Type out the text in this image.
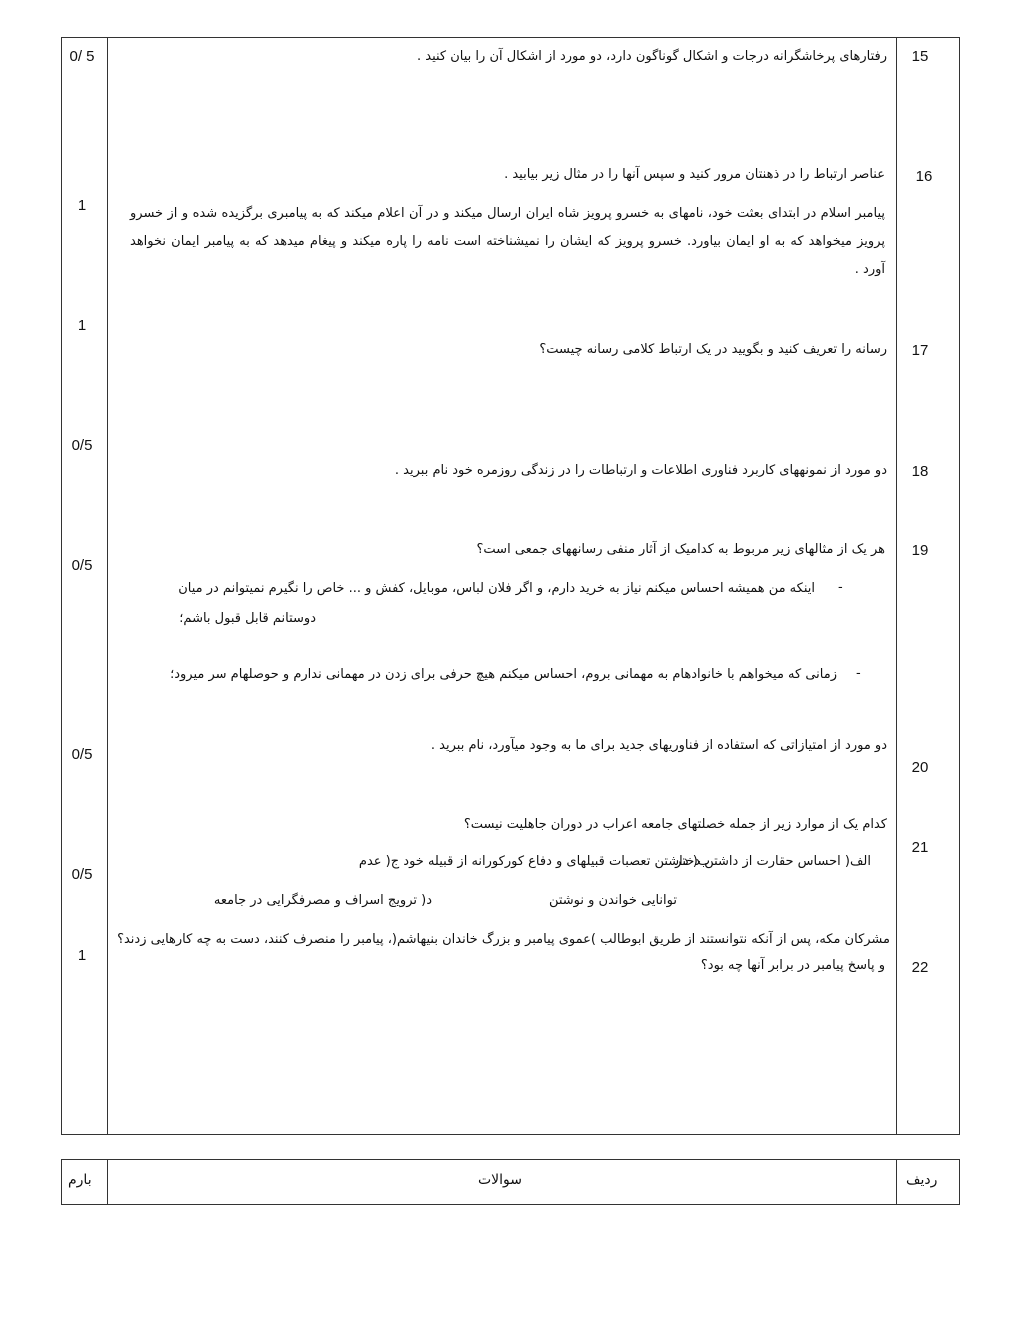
15
0/ 5	رفتارهای پرخاشگرانه درجات و اشکال گوناگون دارد، دو مورد از اشکال آن را بیان کنید .
16
1
عناصر ارتباط را در ذهنتان مرور کنید و سپس آنها را در مثال زیر بیابید .
پیامبر اسلام در ابتدای بعثت خود، نامهای به خسرو پرویز شاه ایران ارسال میکند و در آن اعلام میکند که به پیامبری برگزیده شده و از خسرو پرویز میخواهد که به او ایمان بیاورد. خسرو پرویز که ایشان را نمیشناخته است نامه را پاره میکند و پیغام میدهد که به پیامبر ایمان نخواهد آورد .
1
17
رسانه را تعریف کنید و بگویید در یک ارتباط کلامی رسانه چیست؟
0/5
18
دو مورد از نمونههای کاربرد فناوری اطلاعات و ارتباطات را در زندگی روزمره خود نام ببرید .
19
0/5
هر یک از مثالهای زیر مربوط به کدامیک از آثار منفی رسانههای جمعی است؟
-
اینکه من همیشه احساس میکنم نیاز به خرید دارم، و اگر فلان لباس، موبایل، کفش و ... خاص را نگیرم نمیتوانم در میان
دوستانم قابل قبول باشم؛
-
زمانی که میخواهم با خانوادهام به مهمانی بروم، احساس میکنم هیچ حرفی برای زدن در مهمانی ندارم و حوصلهام سر میرود؛
0/5
دو مورد از امتیازاتی که استفاده از فناوریهای جدید برای ما به وجود میآورد، نام ببرید .
20
کدام یک از موارد زیر از جمله خصلتهای جامعه اعراب در دوران جاهلیت نیست؟
21
الف( احساس حقارت از داشتن دختر
ب( داشتن تعصبات قبیلهای و دفاع کورکورانه از قبیله خود ج( عدم
0/5
توانایی خواندن و نوشتن
د( ترویج اسراف و مصرفگرایی در جامعه
مشرکان مکه، پس از آنکه نتوانستند از طریق ابوطالب )عموی پیامبر و بزرگ خاندان بنیهاشم(، پیامبر را منصرف کنند، دست به چه کارهایی زدند؟
1
و پاسخ پیامبر در برابر آنها چه بود؟	22
ردیف
سوالات
بارم
